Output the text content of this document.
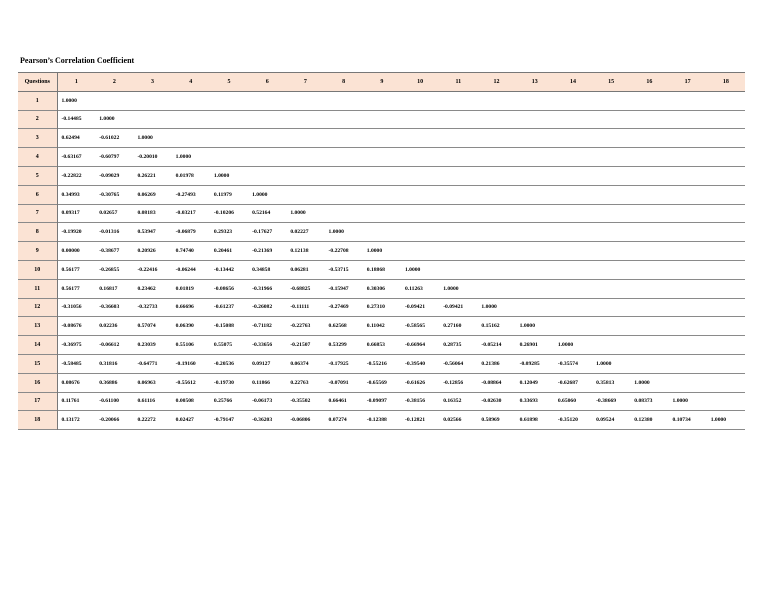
Pearson’s Correlation Coefficient
Questions	1	2	3	4	5	6	7	8	9	10	11	12	13	14	15	16	17	18
1	1.0000																	
2	-0.14485	1.0000																
3	0.62494	-0.61022	1.0000															
4	-0.63167	-0.60797	-0.20010	1.0000														
5	-0.22822	-0.09029	0.26221	0.01978	1.0000													
6	0.34993	-0.30765	0.06269	-0.27493	0.11979	1.0000												
7	0.09317	0.02657	0.08183	-0.03217	-0.10206	0.52164	1.0000											
8	-0.19920	-0.01316	0.53947	-0.06879	0.29323	-0.17627	0.02227	1.0000										
9	0.00000	-0.38677	0.20926	0.74740	0.20461	-0.21369	0.12138	-0.22708	1.0000									
10	0.56177	-0.26855	-0.22416	-0.06244	-0.13442	0.34858	0.06281	-0.53715	0.18868	1.0000								
11	0.56177	0.16817	0.23462	0.01819	-0.08656	-0.31966	-0.68825	-0.15947	0.30306	0.11263	1.0000							
12	-0.31056	-0.36603	-0.32733	0.66696	-0.61237	-0.26082	-0.11111	-0.27469	0.27310	-0.09421	-0.09421	1.0000						
13	-0.08676	0.02236	0.57074	0.06390	-0.15088	-0.71182	-0.22763	0.62568	0.11042	-0.58565	0.27160	0.15162	1.0000					
14	-0.36975	-0.06612	0.23039	0.55106	0.55075	-0.33656	-0.21507	0.53299	0.66853	-0.66964	0.28735	-0.05214	0.26901	1.0000				
15	-0.58485	0.31816	-0.64771	-0.19160	-0.20536	0.09127	0.06374	-0.17925	-0.55216	-0.39540	-0.56064	0.21386	-0.09285	-0.35574	1.0000			
16	0.08676	0.36886	0.06963	-0.55612	-0.19730	0.11866	0.22763	-0.07091	-0.65569	-0.61626	-0.12856	-0.08864	0.12049	-0.62687	0.35813	1.0000		
17	0.11761	-0.61100	0.61116	0.00508	0.25766	-0.06173	-0.35502	0.66461	-0.09097	-0.38156	0.16352	-0.02630	0.33693	0.65060	-0.38669	0.08373	1.0000	
18	0.13172	-0.20066	0.22272	0.02427	-0.79147	-0.36203	-0.06806	0.07274	-0.12388	-0.12821	0.02566	0.58969	0.61898	-0.35120	0.09524	0.12380	0.10734	1.0000
